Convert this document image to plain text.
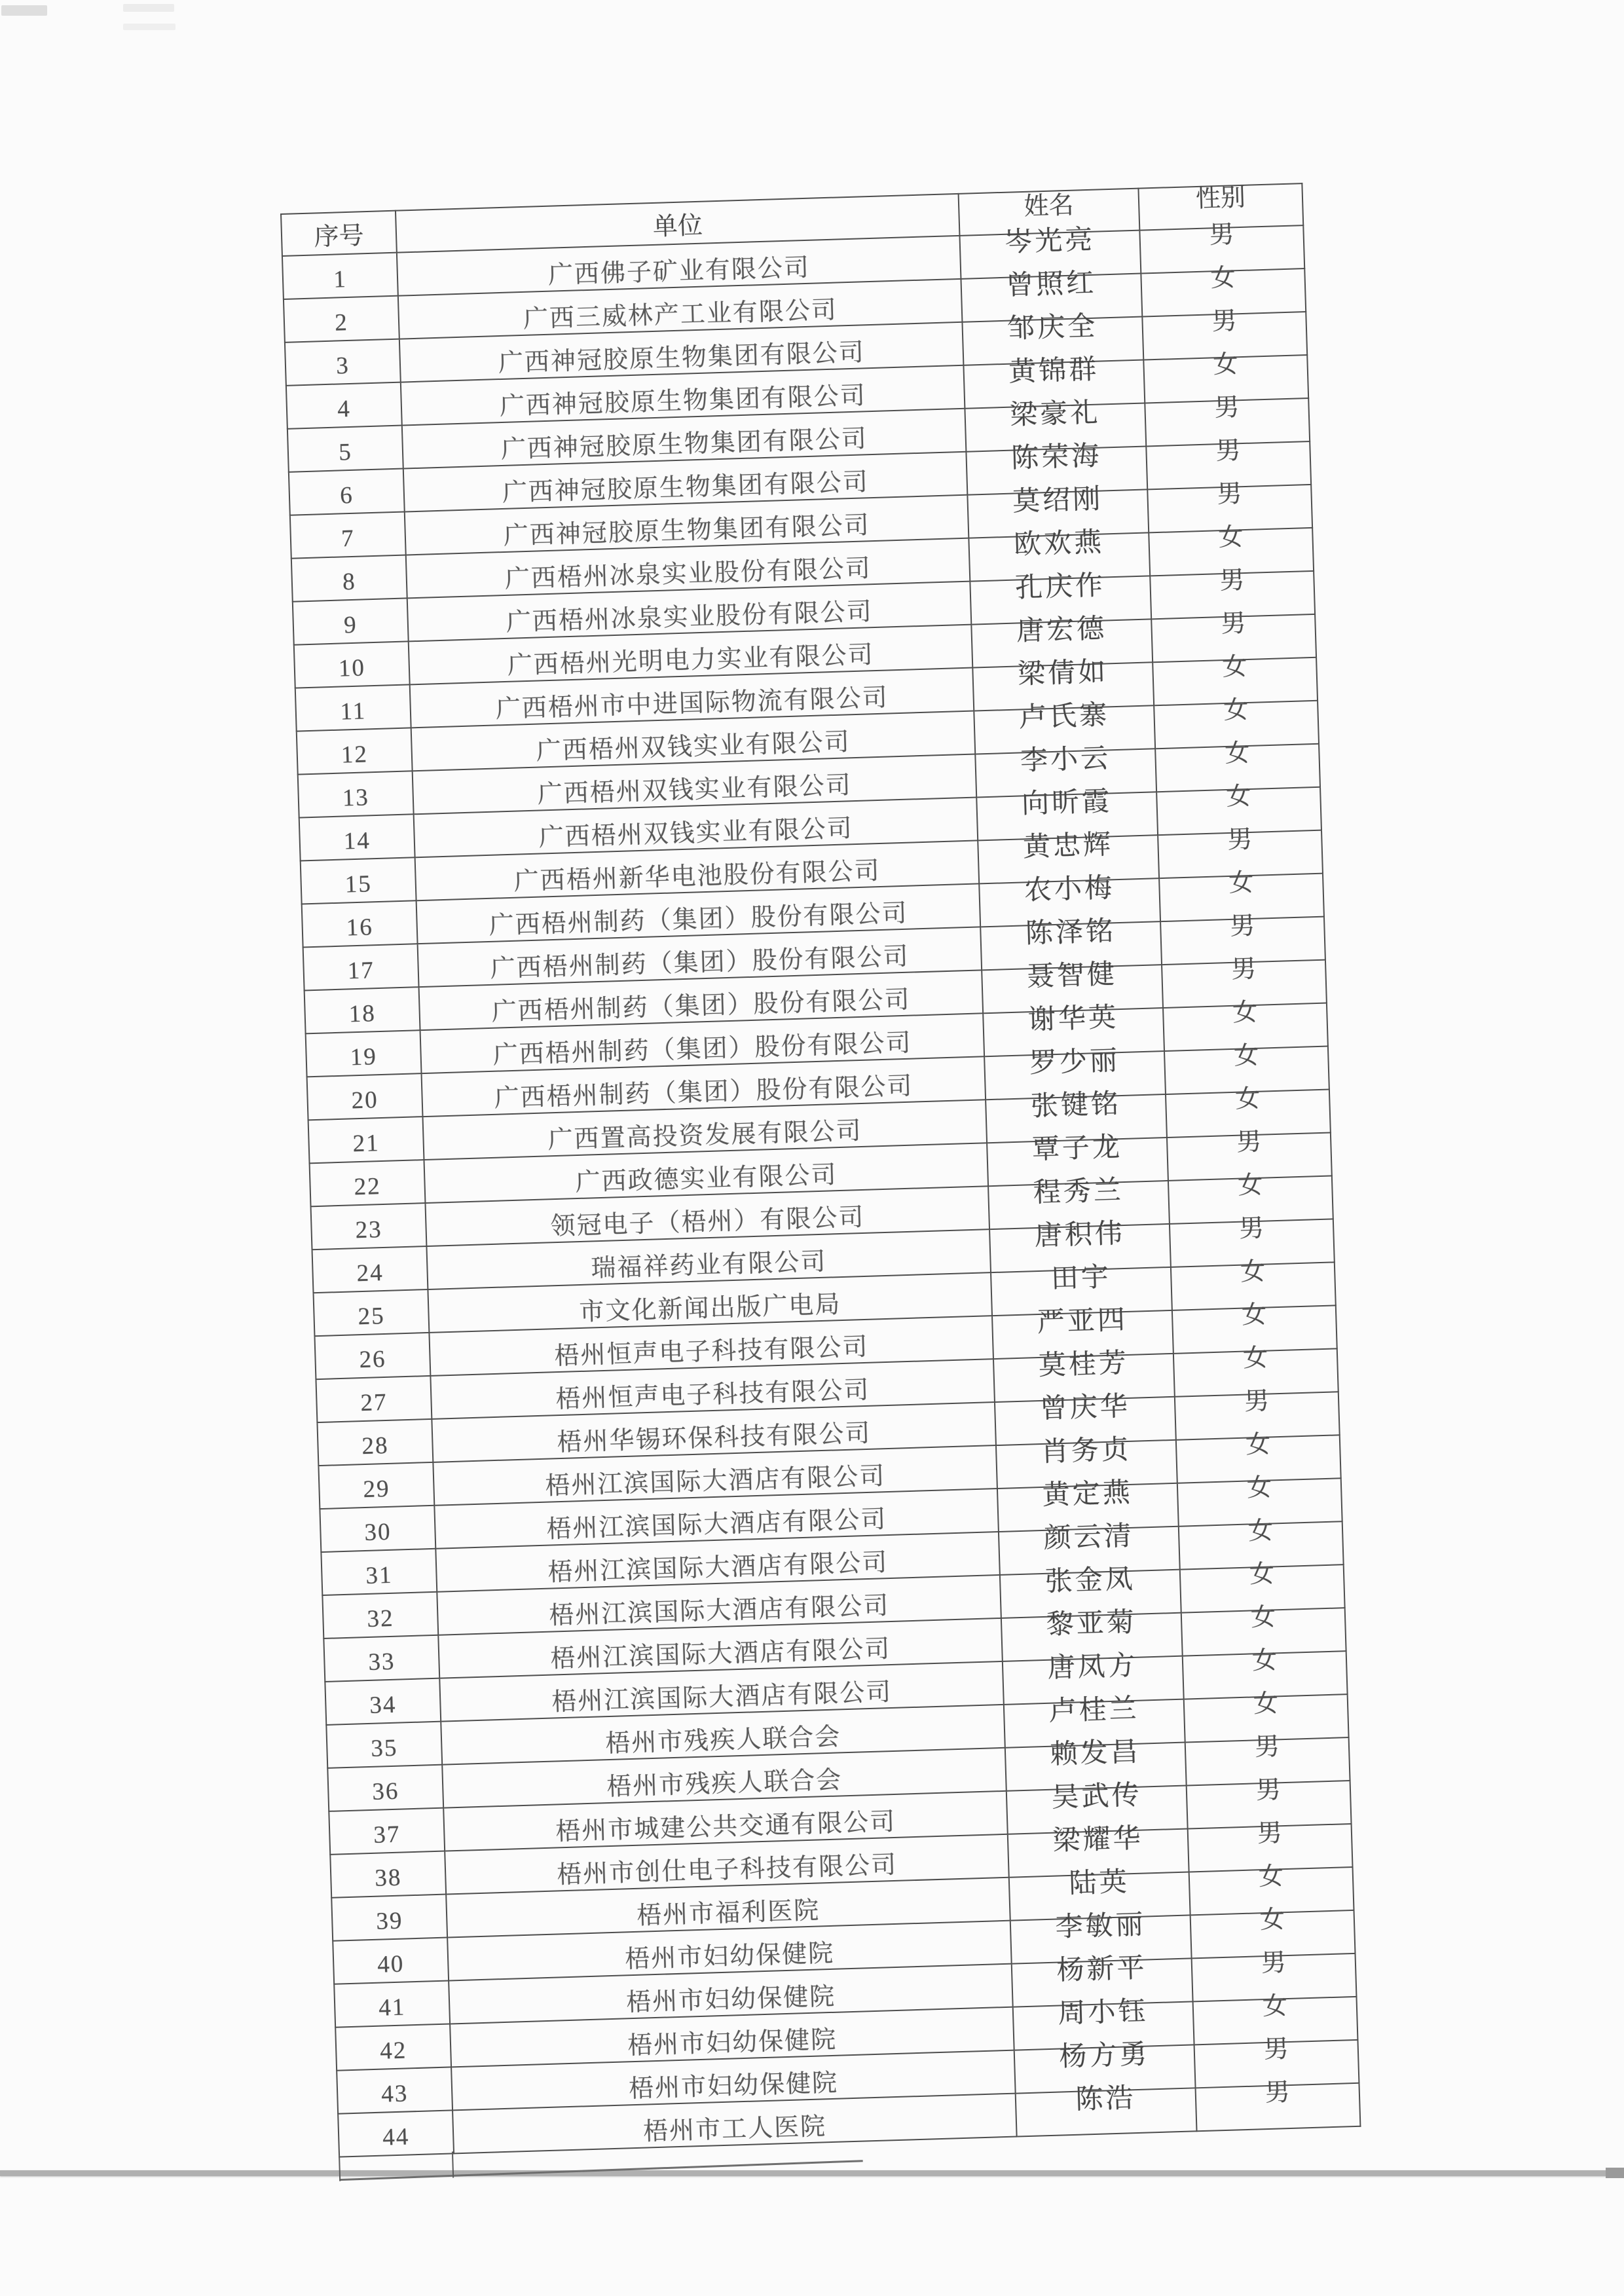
序号	单位	姓名	性别
1	广西佛子矿业有限公司	岑光亮	男
2	广西三威林产工业有限公司	曾照红	女
3	广西神冠胶原生物集团有限公司	邹庆全	男
4	广西神冠胶原生物集团有限公司	黄锦群	女
5	广西神冠胶原生物集团有限公司	梁豪礼	男
6	广西神冠胶原生物集团有限公司	陈荣海	男
7	广西神冠胶原生物集团有限公司	莫绍刚	男
8	广西梧州冰泉实业股份有限公司	欧欢燕	女
9	广西梧州冰泉实业股份有限公司	孔庆作	男
10	广西梧州光明电力实业有限公司	唐宏德	男
11	广西梧州市中进国际物流有限公司	梁倩如	女
12	广西梧州双钱实业有限公司	卢氏寨	女
13	广西梧州双钱实业有限公司	李小云	女
14	广西梧州双钱实业有限公司	向昕霞	女
15	广西梧州新华电池股份有限公司	黄忠辉	男
16	广西梧州制药（集团）股份有限公司	农小梅	女
17	广西梧州制药（集团）股份有限公司	陈泽铭	男
18	广西梧州制药（集团）股份有限公司	聂智健	男
19	广西梧州制药（集团）股份有限公司	谢华英	女
20	广西梧州制药（集团）股份有限公司	罗少丽	女
21	广西置高投资发展有限公司	张键铭	女
22	广西政德实业有限公司	覃子龙	男
23	领冠电子（梧州）有限公司	程秀兰	女
24	瑞福祥药业有限公司	唐积伟	男
25	市文化新闻出版广电局	田宇	女
26	梧州恒声电子科技有限公司	严亚四	女
27	梧州恒声电子科技有限公司	莫桂芳	女
28	梧州华锡环保科技有限公司	曾庆华	男
29	梧州江滨国际大酒店有限公司	肖务贞	女
30	梧州江滨国际大酒店有限公司	黄定燕	女
31	梧州江滨国际大酒店有限公司	颜云清	女
32	梧州江滨国际大酒店有限公司	张金凤	女
33	梧州江滨国际大酒店有限公司	黎亚菊	女
34	梧州江滨国际大酒店有限公司	唐凤方	女
35	梧州市残疾人联合会	卢桂兰	女
36	梧州市残疾人联合会	赖发昌	男
37	梧州市城建公共交通有限公司	吴武传	男
38	梧州市创仕电子科技有限公司	梁耀华	男
39	梧州市福利医院	陆英	女
40	梧州市妇幼保健院	李敏丽	女
41	梧州市妇幼保健院	杨新平	男
42	梧州市妇幼保健院	周小钰	女
43	梧州市妇幼保健院	杨方勇	男
44	梧州市工人医院	陈浩	男
